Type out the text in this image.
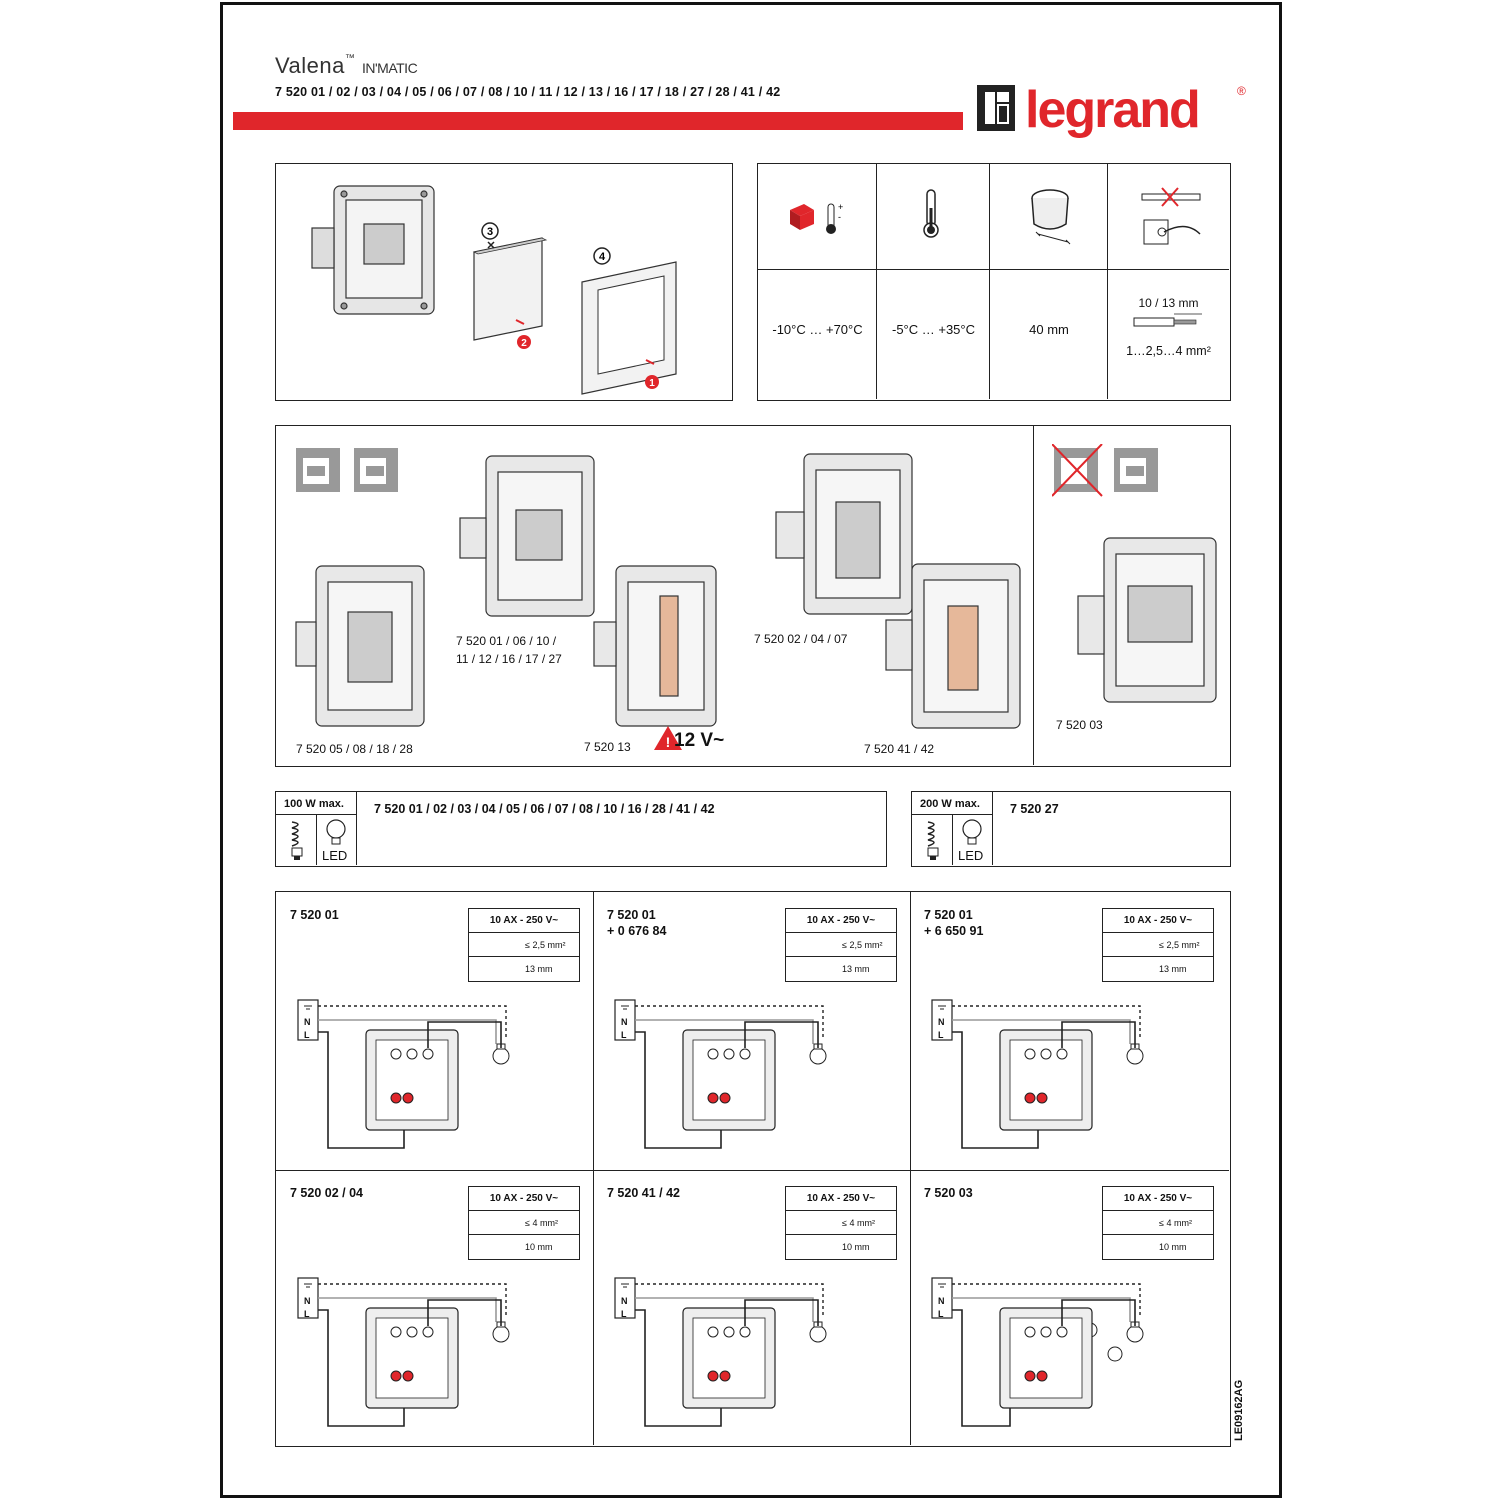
Valena™ IN'MATIC
7 520 01 / 02 / 03 / 04 / 05 / 06 / 07 / 08 / 10 / 11 / 12 / 13 / 16 / 17 / 18 / 27 / 28 / 41 / 42	legrand	®
3
4
2
1
+
-
-10°C … +70°C	-5°C … +35°C	40 mm
10 / 13 mm
1…2,5…4 mm²
!
7 520 05 / 08 / 18 / 28
7 520 01 / 06 / 10 /
11 / 12 / 16 / 17 / 27
7 520 13 12 V~
7 520 02 / 04 / 07
7 520 41 / 42
7 520 03
100 W max.
LED
7 520 01 / 02 / 03 / 04 / 05 / 06 / 07 / 08 / 10 / 16 / 28 / 41 / 42	200 W max.
LED
7 520 27
7 520 01	10 AX - 250 V~
≤ 2,5 mm²
13 mm
N
L
7 520 01
+ 0 676 84
10 AX - 250 V~
≤ 2,5 mm²
13 mm
N
L
7 520 01
+ 6 650 91
10 AX - 250 V~
≤ 2,5 mm²
13 mm
N
L
7 520 02 / 04	10 AX - 250 V~
≤ 4 mm²
10 mm
N
L
7 520 41 / 42	10 AX - 250 V~
≤ 4 mm²
10 mm
N
L
7 520 03	10 AX - 250 V~
≤ 4 mm²
10 mm
N
L
LE09162AG
